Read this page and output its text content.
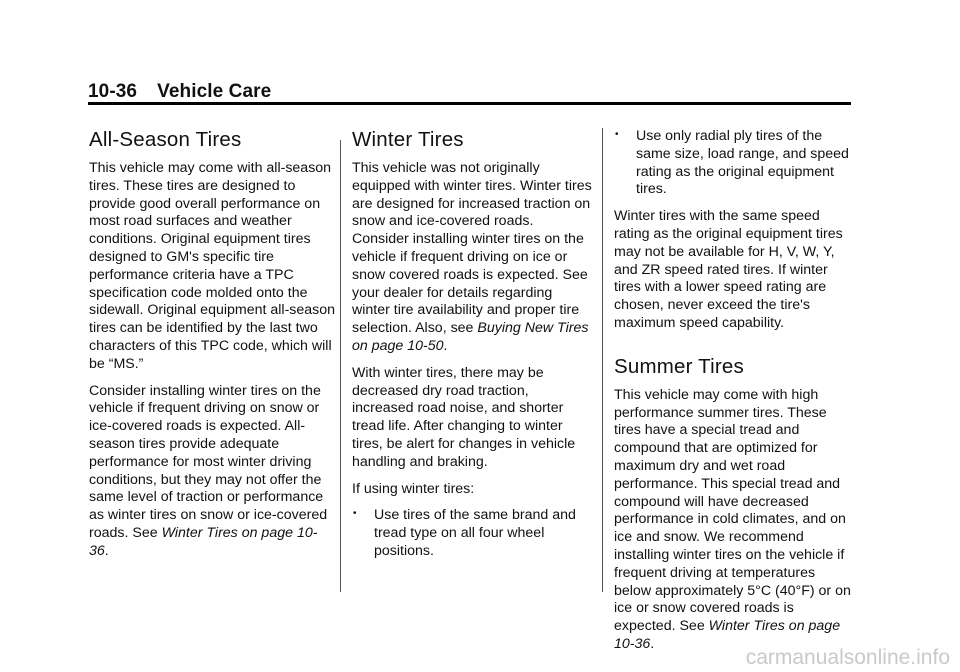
10-36 Vehicle Care
All-Season Tires

This vehicle may come with all-season tires. These tires are designed to provide good overall performance on most road surfaces and weather conditions. Original equipment tires designed to GM's specific tire performance criteria have a TPC specification code molded onto the sidewall. Original equipment all-season tires can be identified by the last two characters of this TPC code, which will be “MS.”

Consider installing winter tires on the vehicle if frequent driving on snow or ice-covered roads is expected. All-season tires provide adequate performance for most winter driving conditions, but they may not offer the same level of traction or performance as winter tires on snow or ice-covered roads. See Winter Tires on page 10-36.

Winter Tires

This vehicle was not originally equipped with winter tires. Winter tires are designed for increased traction on snow and ice-covered roads. Consider installing winter tires on the vehicle if frequent driving on ice or snow covered roads is expected. See your dealer for details regarding winter tire availability and proper tire selection. Also, see Buying New Tires on page 10-50.

With winter tires, there may be decreased dry road traction, increased road noise, and shorter tread life. After changing to winter tires, be alert for changes in vehicle handling and braking.

If using winter tires:

• Use tires of the same brand and tread type on all four wheel positions.
• Use only radial ply tires of the same size, load range, and speed rating as the original equipment tires.

Winter tires with the same speed rating as the original equipment tires may not be available for H, V, W, Y, and ZR speed rated tires. If winter tires with a lower speed rating are chosen, never exceed the tire's maximum speed capability.

Summer Tires

This vehicle may come with high performance summer tires. These tires have a special tread and compound that are optimized for maximum dry and wet road performance. This special tread and compound will have decreased performance in cold climates, and on ice and snow. We recommend installing winter tires on the vehicle if frequent driving at temperatures below approximately 5°C (40°F) or on ice or snow covered roads is expected. See Winter Tires on page 10-36.

carmanualsonline.info
